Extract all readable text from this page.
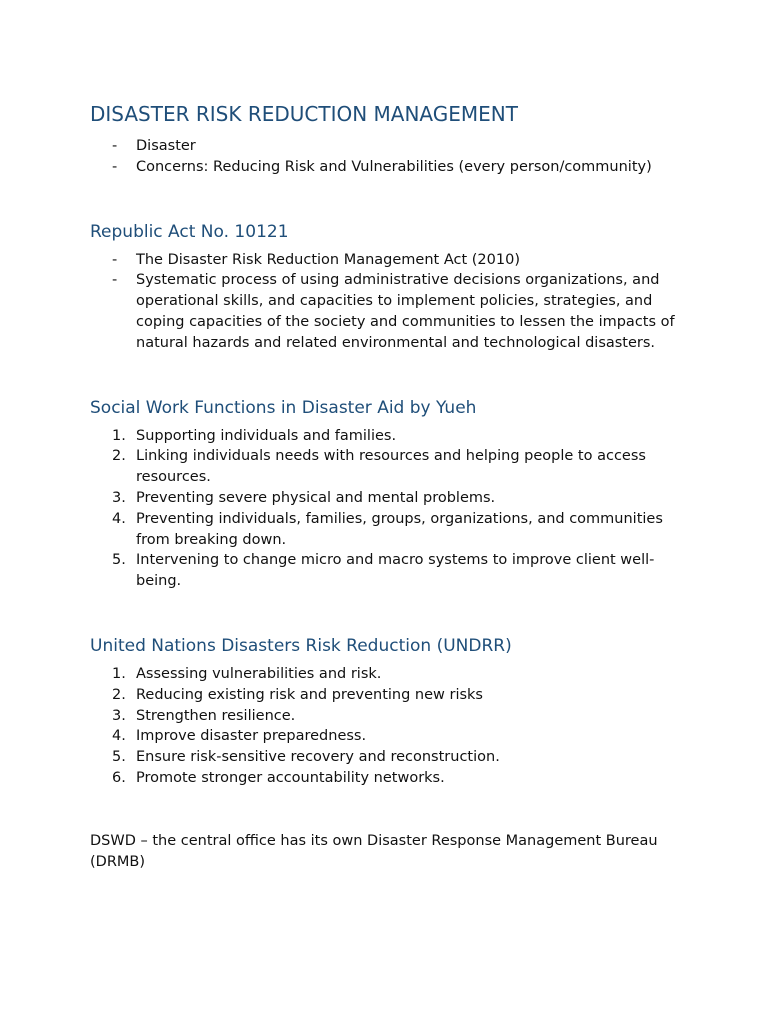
DISASTER RISK REDUCTION MANAGEMENT
-	Disaster
-	Concerns: Reducing Risk and Vulnerabilities (every person/community)
Republic Act No. 10121
-	The Disaster Risk Reduction Management Act (2010)
-	Systematic process of using administrative decisions organizations, and operational skills, and capacities to implement policies, strategies, and coping capacities of the society and communities to lessen the impacts of natural hazards and related environmental and technological disasters.
Social Work Functions in Disaster Aid by Yueh
1. Supporting individuals and families.
2. Linking individuals needs with resources and helping people to access resources.
3. Preventing severe physical and mental problems.
4. Preventing individuals, families, groups, organizations, and communities from breaking down.
5. Intervening to change micro and macro systems to improve client well-being.
United Nations Disasters Risk Reduction (UNDRR)
1. Assessing vulnerabilities and risk.
2. Reducing existing risk and preventing new risks
3. Strengthen resilience.
4. Improve disaster preparedness.
5. Ensure risk-sensitive recovery and reconstruction.
6. Promote stronger accountability networks.

DSWD – the central office has its own Disaster Response Management Bureau (DRMB)
